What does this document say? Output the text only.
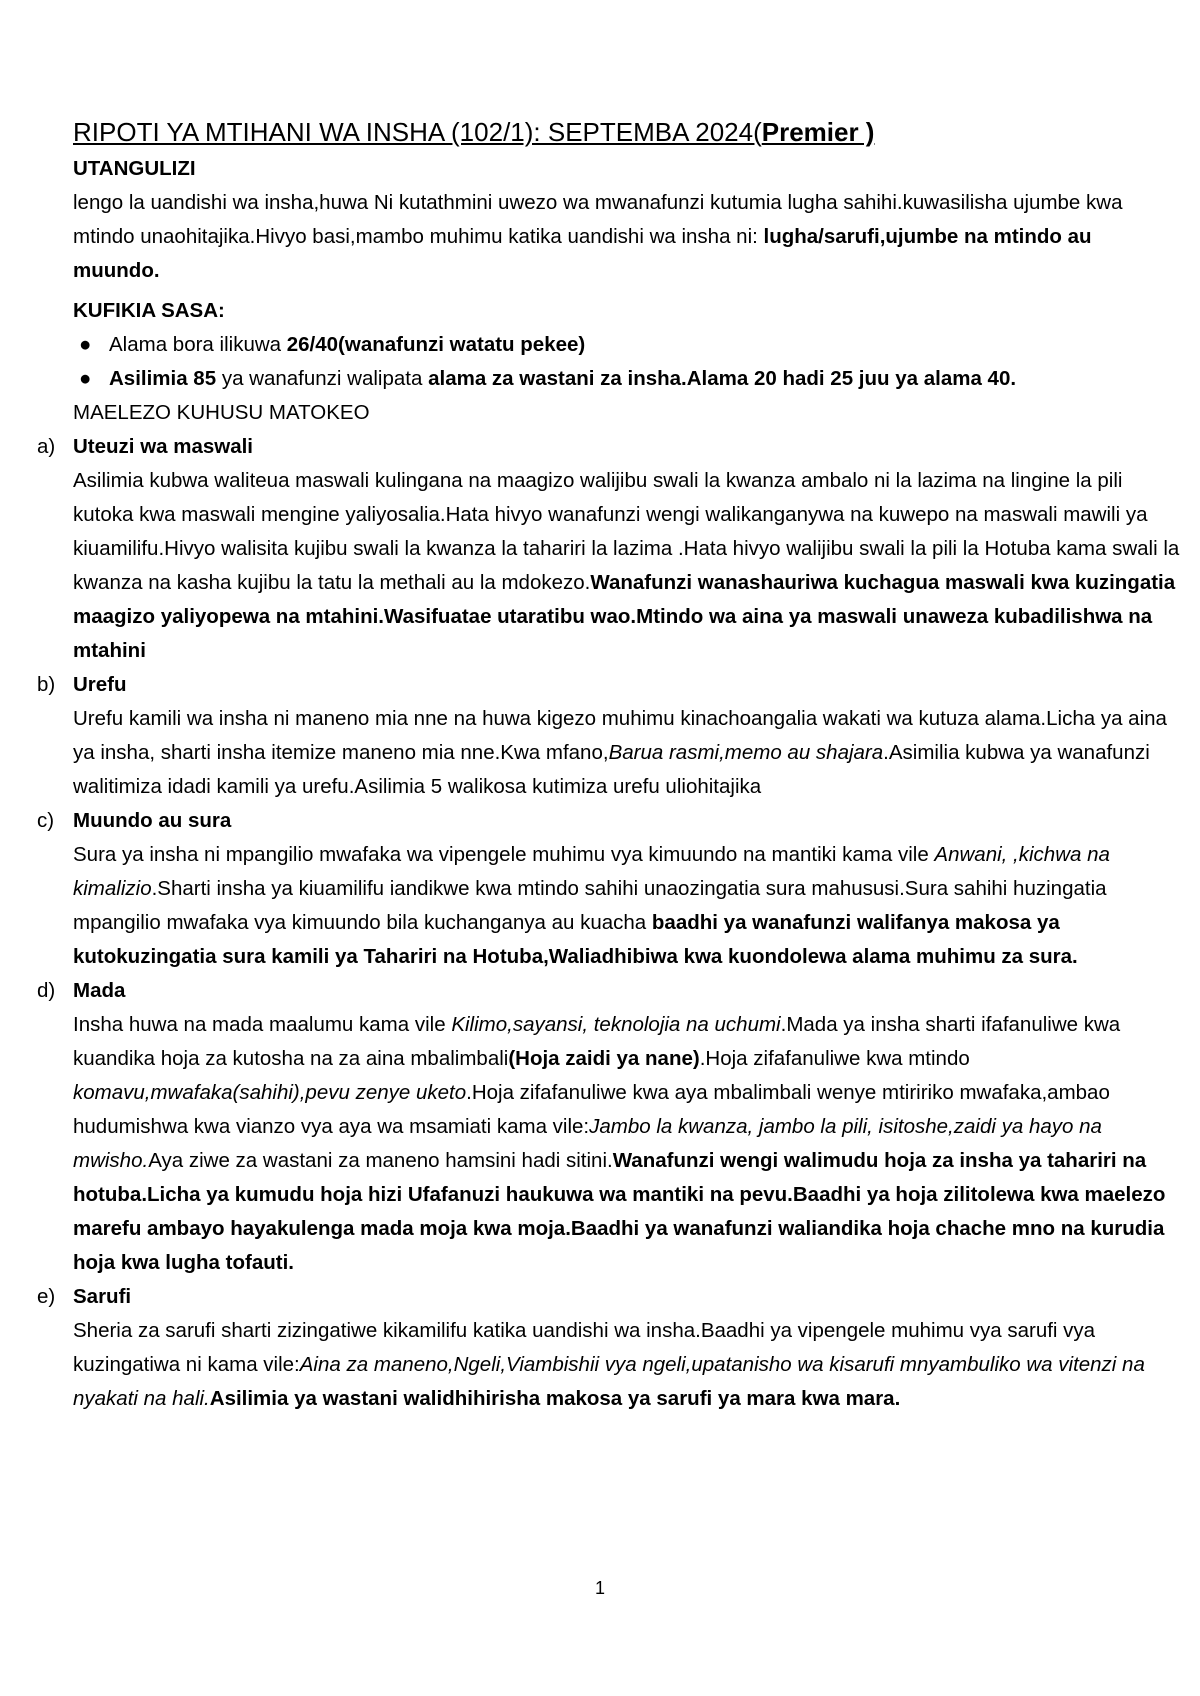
RIPOTI YA MTIHANI WA INSHA (102/1): SEPTEMBA 2024(Premier )

UTANGULIZI

lengo la uandishi wa insha,huwa Ni kutathmini uwezo wa mwanafunzi kutumia lugha sahihi.kuwasilisha ujumbe kwa mtindo unaohitajika.Hivyo basi,mambo muhimu katika uandishi wa insha ni: lugha/sarufi,ujumbe na mtindo au muundo.

KUFIKIA SASA:

● Alama bora ilikuwa 26/40(wanafunzi watatu pekee)
● Asilimia 85 ya wanafunzi walipata alama za wastani za insha.Alama 20 hadi 25 juu ya alama 40.

MAELEZO KUHUSU MATOKEO

a) Uteuzi wa maswali

Asilimia kubwa waliteua maswali kulingana na maagizo walijibu swali la kwanza ambalo ni la lazima na lingine la pili kutoka kwa maswali mengine yaliyosalia.Hata hivyo wanafunzi wengi walikanganywa na kuwepo na maswali mawili ya kiuamilifu.Hivyo walisita kujibu swali la kwanza la tahariri la lazima .Hata hivyo walijibu swali la pili la Hotuba kama swali la kwanza na kasha kujibu la tatu la methali au la mdokezo.Wanafunzi wanashauriwa kuchagua maswali kwa kuzingatia maagizo yaliyopewa na mtahini.Wasifuatae utaratibu wao.Mtindo wa aina ya maswali unaweza kubadilishwa na mtahini

b) Urefu

Urefu kamili wa insha ni maneno mia nne na huwa kigezo muhimu kinachoangalia wakati wa kutuza alama.Licha ya aina ya insha, sharti insha itemize maneno mia nne.Kwa mfano,Barua rasmi,memo au shajara.Asimilia kubwa ya wanafunzi walitimiza idadi kamili ya urefu.Asilimia 5 walikosa kutimiza urefu uliohitajika

c) Muundo au sura

Sura ya insha ni mpangilio mwafaka wa vipengele muhimu vya kimuundo na mantiki kama vile Anwani, ,kichwa na kimalizio.Sharti insha ya kiuamilifu iandikwe kwa mtindo sahihi unaozingatia sura mahususi.Sura sahihi huzingatia mpangilio mwafaka vya kimuundo bila kuchanganya au kuacha baadhi ya wanafunzi walifanya makosa ya kutokuzingatia sura kamili ya Tahariri na Hotuba,Waliadhibiwa kwa kuondolewa alama muhimu za sura.

d) Mada

Insha huwa na mada maalumu kama vile Kilimo,sayansi, teknolojia na uchumi.Mada ya insha sharti ifafanuliwe kwa kuandika hoja za kutosha na za aina mbalimbali(Hoja zaidi ya nane).Hoja zifafanuliwe kwa mtindo komavu,mwafaka(sahihi),pevu zenye uketo.Hoja zifafanuliwe kwa aya mbalimbali wenye mtiririko mwafaka,ambao hudumishwa kwa vianzo vya aya wa msamiati kama vile:Jambo la kwanza, jambo la pili, isitoshe,zaidi ya hayo na mwisho.Aya ziwe za wastani za maneno hamsini hadi sitini.Wanafunzi wengi walimudu hoja za insha ya tahariri na hotuba.Licha ya kumudu hoja hizi Ufafanuzi haukuwa wa mantiki na pevu.Baadhi ya hoja zilitolewa kwa maelezo marefu ambayo hayakulenga mada moja kwa moja.Baadhi ya wanafunzi waliandika hoja chache mno na kurudia hoja kwa lugha tofauti.

e) Sarufi

Sheria za sarufi sharti zizingatiwe kikamilifu katika uandishi wa insha.Baadhi ya vipengele muhimu vya sarufi vya kuzingatiwa ni kama vile:Aina za maneno,Ngeli,Viambishii vya ngeli,upatanisho wa kisarufi mnyambuliko wa vitenzi na nyakati na hali.Asilimia ya wastani walidhihirisha makosa ya sarufi ya mara kwa mara.

1
